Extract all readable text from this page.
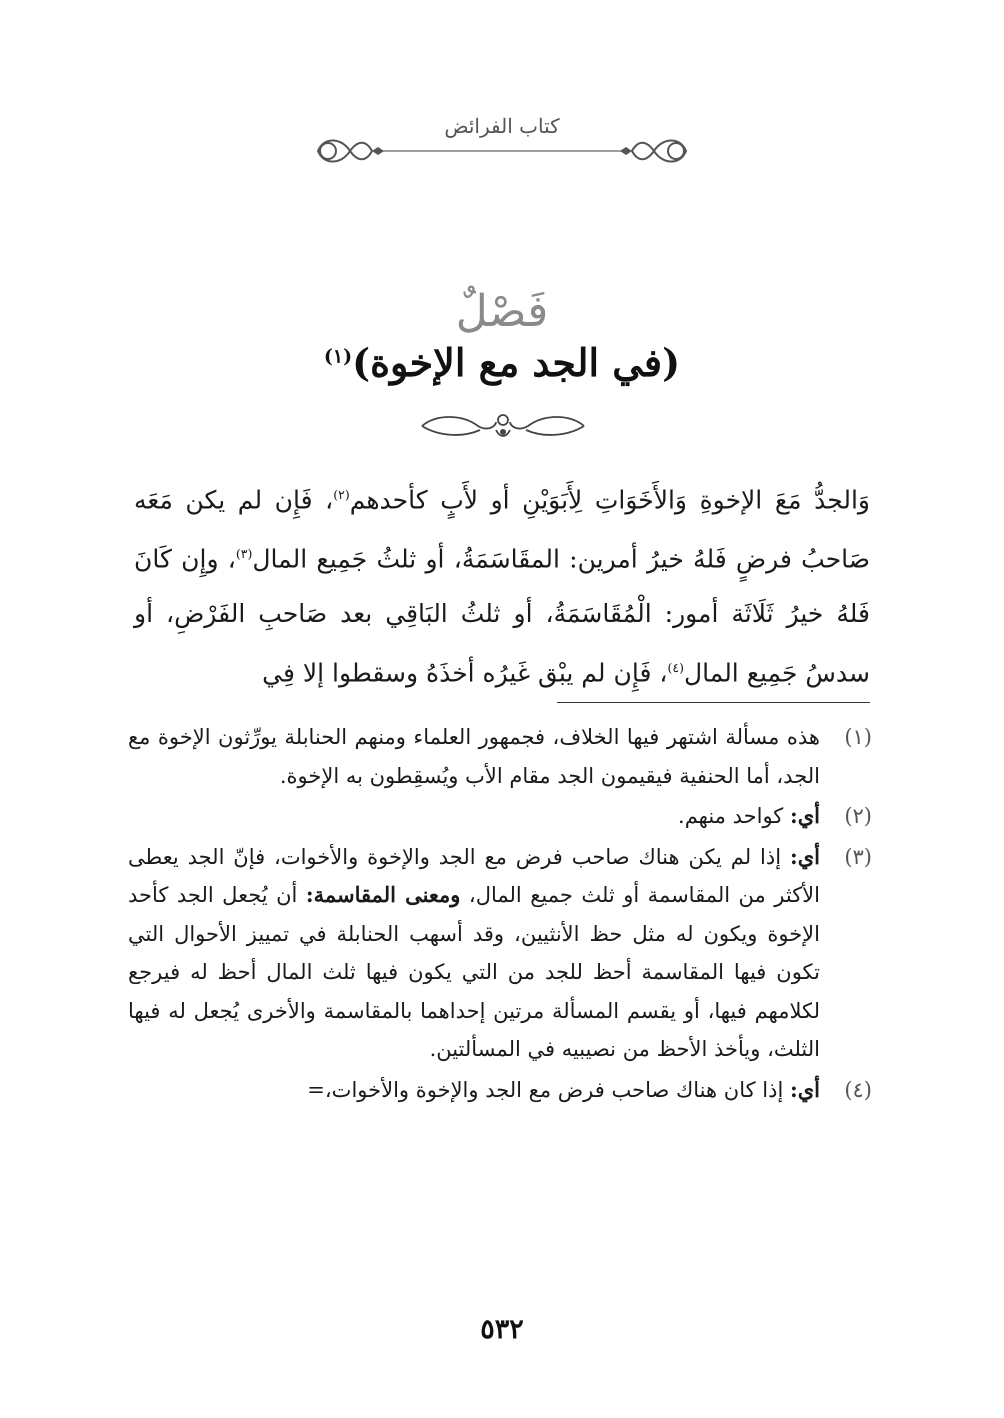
كتاب الفرائض
فَصْلٌ
(في الجد مع الإخوة)$^{(١)}$
وَالجدُّ مَعَ الإخوةِ وَالأَخَوَاتِ لِأَبَوَيْنِ أو لأَبٍ كأحدهم$^{(٢)}$، فَإِن لم يكن مَعَه صَاحبُ فرضٍ فَلهُ خيرُ أمرين: المقَاسَمَةُ، أو ثلثُ جَمِيع المال$^{(٣)}$، وإِن كَانَ فَلهُ خيرُ ثَلَاثَة أمور: الْمُقَاسَمَةُ، أو ثلثُ البَاقِي بعد صَاحبِ الفَرْضِ، أو سدسُ جَمِيع المال$^{(٤)}$، فَإِن لم يبْق غَيرُه أخذَهُ وسقطوا إلا فِي
(١)
هذه مسألة اشتهر فيها الخلاف، فجمهور العلماء ومنهم الحنابلة يورِّثون الإخوة مع الجد، أما الحنفية فيقيمون الجد مقام الأب ويُسقِطون به الإخوة.
(٢)
أي: كواحد منهم.
(٣)
أي: إذا لم يكن هناك صاحب فرض مع الجد والإخوة والأخوات، فإنّ الجد يعطى الأكثر من المقاسمة أو ثلث جميع المال، ومعنى المقاسمة: أن يُجعل الجد كأحد الإخوة ويكون له مثل حظ الأنثيين، وقد أسهب الحنابلة في تمييز الأحوال التي تكون فيها المقاسمة أحظ للجد من التي يكون فيها ثلث المال أحظ له فيرجع لكلامهم فيها، أو يقسم المسألة مرتين إحداهما بالمقاسمة والأخرى يُجعل له فيها الثلث، ويأخذ الأحظ من نصيبيه في المسألتين.
(٤)
أي: إذا كان هناك صاحب فرض مع الجد والإخوة والأخوات،=
٥٣٢
